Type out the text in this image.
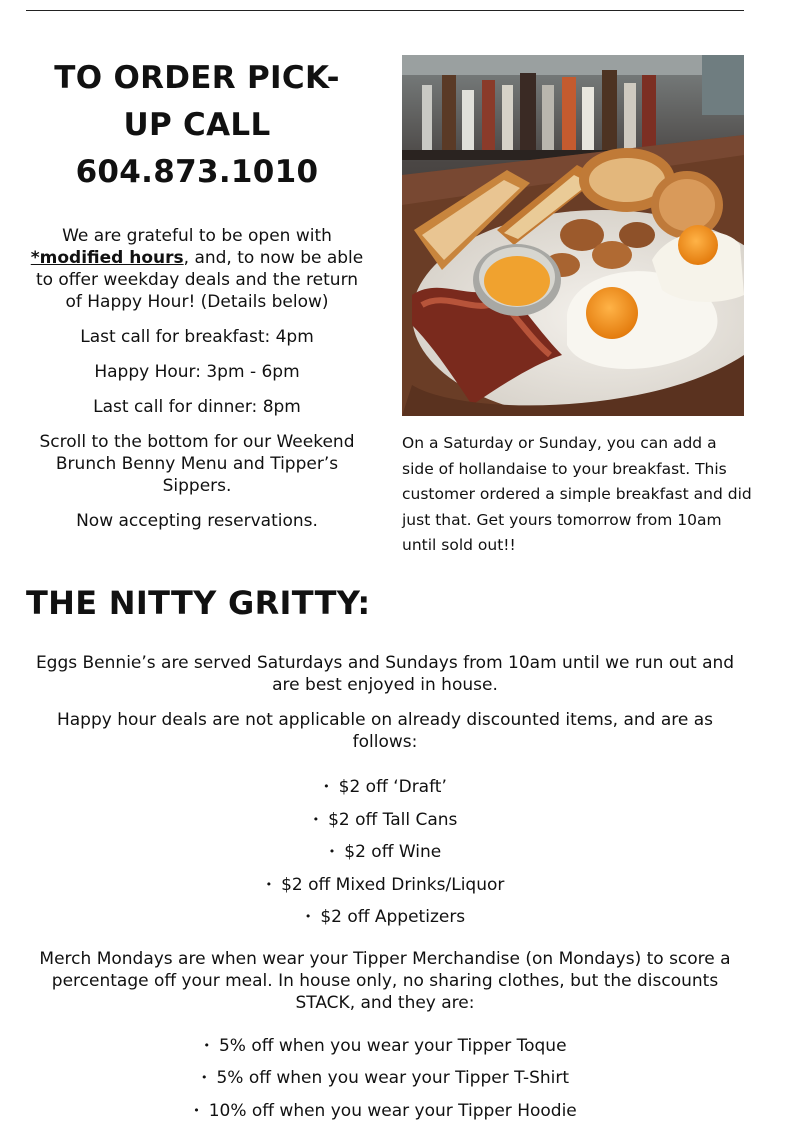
TO ORDER PICK-
UP CALL
604.873.1010

We are grateful to be open with *modified hours, and, to now be able to offer weekday deals and the return of Happy Hour! (Details below)

Last call for breakfast: 4pm

Happy Hour: 3pm - 6pm

Last call for dinner: 8pm

Scroll to the bottom for our Weekend Brunch Benny Menu and Tipper’s Sippers.

Now accepting reservations.

On a Saturday or Sunday, you can add a side of hollandaise to your breakfast. This customer ordered a simple breakfast and did just that. Get yours tomorrow from 10am until sold out!!

THE NITTY GRITTY:

Eggs Bennie’s are served Saturdays and Sundays from 10am until we run out and are best enjoyed in house.

Happy hour deals are not applicable on already discounted items, and are as follows:

• $2 off ‘Draft’
• $2 off Tall Cans
• $2 off Wine
• $2 off Mixed Drinks/Liquor
• $2 off Appetizers

Merch Mondays are when wear your Tipper Merchandise (on Mondays) to score a percentage off your meal. In house only, no sharing clothes, but the discounts STACK, and they are:

• 5% off when you wear your Tipper Toque
• 5% off when you wear your Tipper T-Shirt
• 10% off when you wear your Tipper Hoodie
